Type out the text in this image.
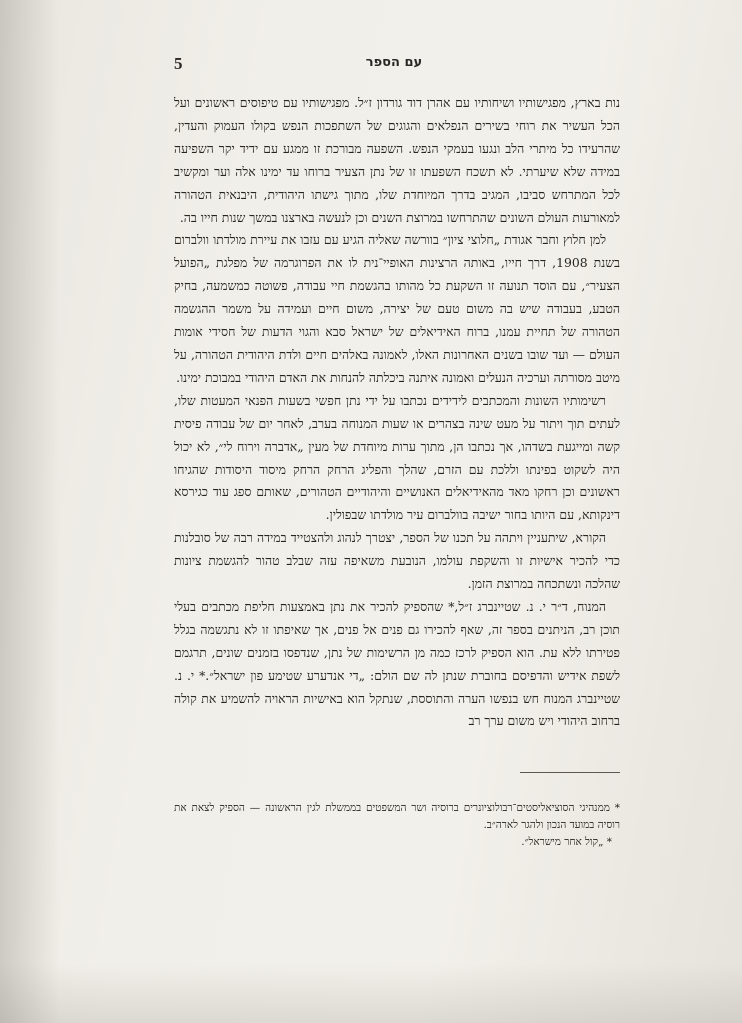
5	עם הספר

נות בארץ, מפגישותיו ושיחותיו עם אהרן דוד גורדון ז״ל. מפגישותיו עם טיפוסים ראשונים ועל הכל העשיר את רוחי בשירים הנפלאים והגוגים של השתפכות הנפש בקולו העמוק והעדין, שהרעידו כל מיתרי הלב ונגעו בעמקי הנפש. השפעה מבורכת זו ממגע עם ידיד יקר השפיעה במידה שלא שיערתי. לא תשכח השפעתו זו של נתן הצעיר ברוחו עד ימינו אלה וער ומקשיב לכל המתרחש סביבו, המגיב בדרך המיוחדת שלו, מתוך גישתו היהודית, היבנאית הטהורה למאורעות העולם השונים שהתרחשו במרוצת השנים וכן לנעשה בארצנו במשך שנות חייו בה.

למן חלוץ וחבר אגודת „חלוצי ציון״ בוורשה שאליה הגיע עם עזבו את עיירת מולדתו וולברום בשנת 1908, דרך חייו, באותה הרצינות האופיי־נית לו את הפרוגרמה של מפלגת „הפועל הצעיר״, עם הוסד תנועה זו השקעת כל מהותו בהגשמת חיי עבודה, פשוטה כמשמעה, בחיק הטבע, בעבודה שיש בה משום טעם של יצירה, משום חיים ועמידה על משמר ההגשמה הטהורה של תחיית עמנו, ברוח האידיאלים של ישראל סבא והגוי הדעות של חסידי אומות העולם — ועד שובו בשנים האחרונות האלו, לאמונה באלהים חיים ולדת היהודית הטהורה, על מיטב מסורתה וערכיה הנעלים ואמונה איתנה ביכלתה להנחות את האדם היהודי במבוכת ימינו.

רשימותיו השונות והמכתבים לידידים נכתבו על ידי נתן חפשי בשעות הפנאי המעטות שלו, לעתים תוך ויתור על מעט שינה בצהרים או שעות המנוחה בערב, לאחר יום של עבודה פיסית קשה ומייגעת בשדהו, אך נכתבו הן, מתוך ערות מיוחדת של מעין „אדברה וירוח לי״, לא יכול היה לשקוט בפינתו וללכת עם הזרם, שהלך והפליג הרחק הרחק מיסוד היסודות שהגיחו ראשונים וכן רחקו מאד מהאידיאלים האנושיים והיהודיים הטהורים, שאותם ספג עוד כגירסא דינקותא, עם היותו בחור ישיבה בוולברום עיר מולדתו שבפולין.

הקורא, שיתעניין ויתהה על תכנו של הספר, יצטרך לנהוג ולהצטייד במידה רבה של סובלנות כדי להכיר אישיות זו והשקפת עולמו, הנובעת משאיפה עזה שבלב טהור להגשמת ציונות שהלכה ונשתכחה במרוצת הזמן.

המנוח, ד״ר י. נ. שטיינברג ז״ל,* שהספיק להכיר את נתן באמצעות חליפת מכתבים בעלי תוכן רב, הניתנים בספר זה, שאף להכירו גם פנים אל פנים, אך שאיפתו זו לא נתגשמה בגלל פטירתו ללא עת. הוא הספיק לרכז כמה מן הרשימות של נתן, שנדפסו בזמנים שונים, תרגמם לשפת אידיש והדפיסם בחוברת שנתן לה שם הולם: „די אנדערע שטימע פון ישראל״.* י. נ. שטיינברג המנוח חש בנפשו הערה והתוססת, שנתקל הוא באישיות הראויה להשמיע את קולה ברחוב היהודי ויש משום ערך רב

* ממנהיגי הסוציאליסטים־רבולוציונרים ברוסיה ושר המשפטים בממשלת לגין הראשונה — הספיק לצאת את רוסיה במועד הנכון ולהגר לארה״ב.

* „קול אחר מישראל״.
